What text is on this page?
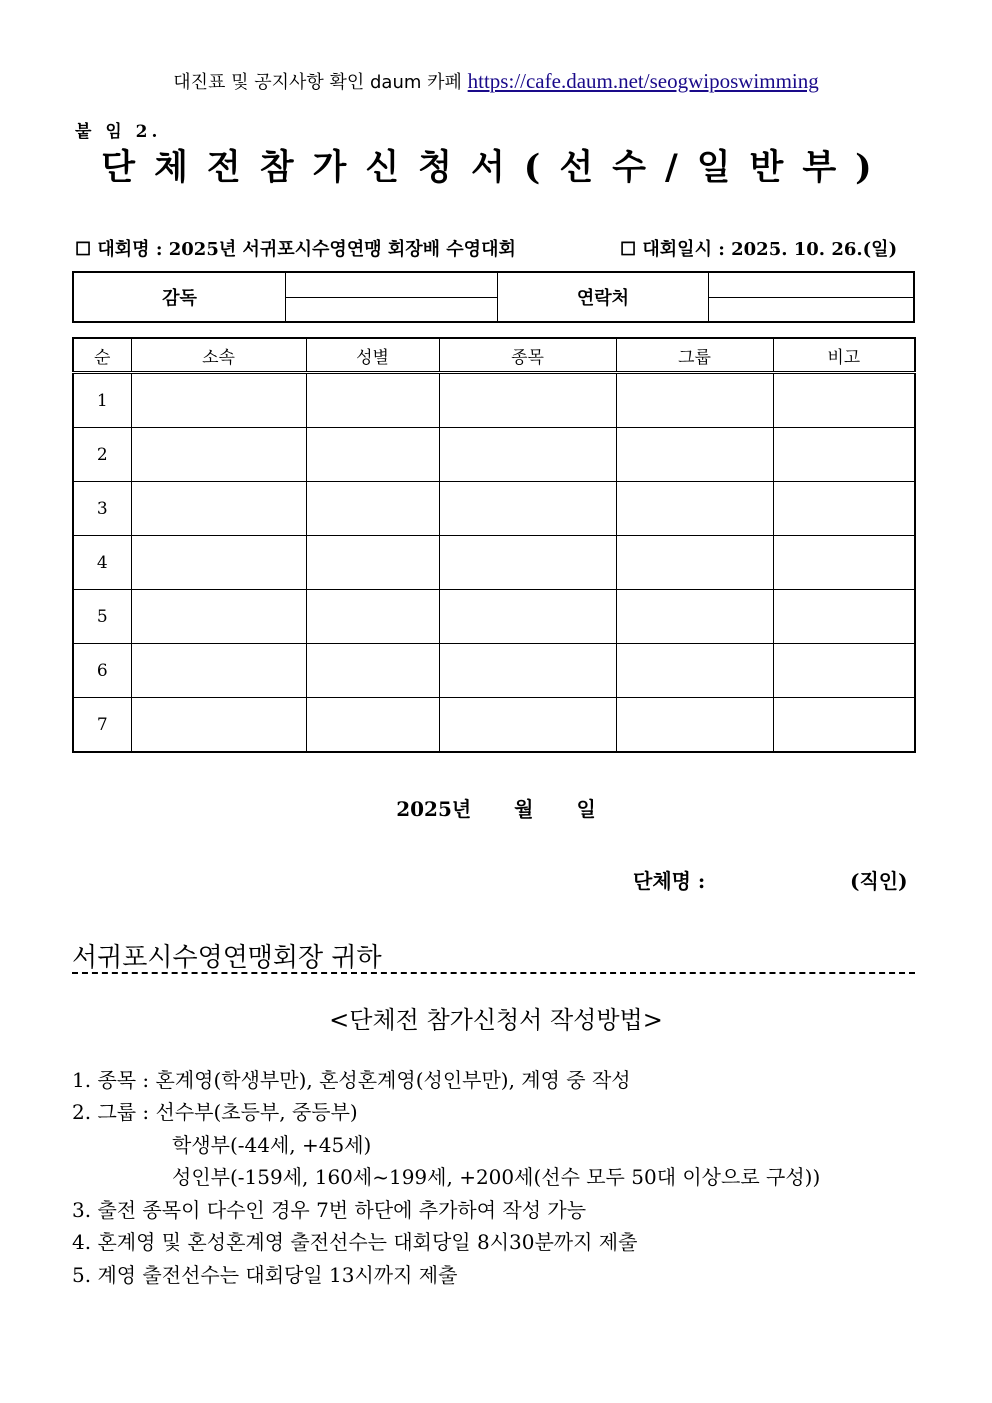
대진표 및 공지사항 확인 daum 카페 https://cafe.daum.net/seogwiposwimming
붙 임 2.
단체전참가신청서(선수/일반부)
☐ 대회명 : 2025년 서귀포시수영연맹 회장배 수영대회	☐ 대회일시 : 2025. 10. 26.(일)
감독		연락처	

순	소속	성별	종목	그룹	비고
1					
2					
3					
4					
5					
6					
7					
2025년 월 일
단체명 :	(직인)
서귀포시수영연맹회장 귀하
<단체전 참가신청서 작성방법>
1. 종목 : 혼계영(학생부만), 혼성혼계영(성인부만), 계영 중 작성
2. 그룹 : 선수부(초등부, 중등부)
학생부(-44세, +45세)
성인부(-159세, 160세~199세, +200세(선수 모두 50대 이상으로 구성))
3. 출전 종목이 다수인 경우 7번 하단에 추가하여 작성 가능
4. 혼계영 및 혼성혼계영 출전선수는 대회당일 8시30분까지 제출
5. 계영 출전선수는 대회당일 13시까지 제출
